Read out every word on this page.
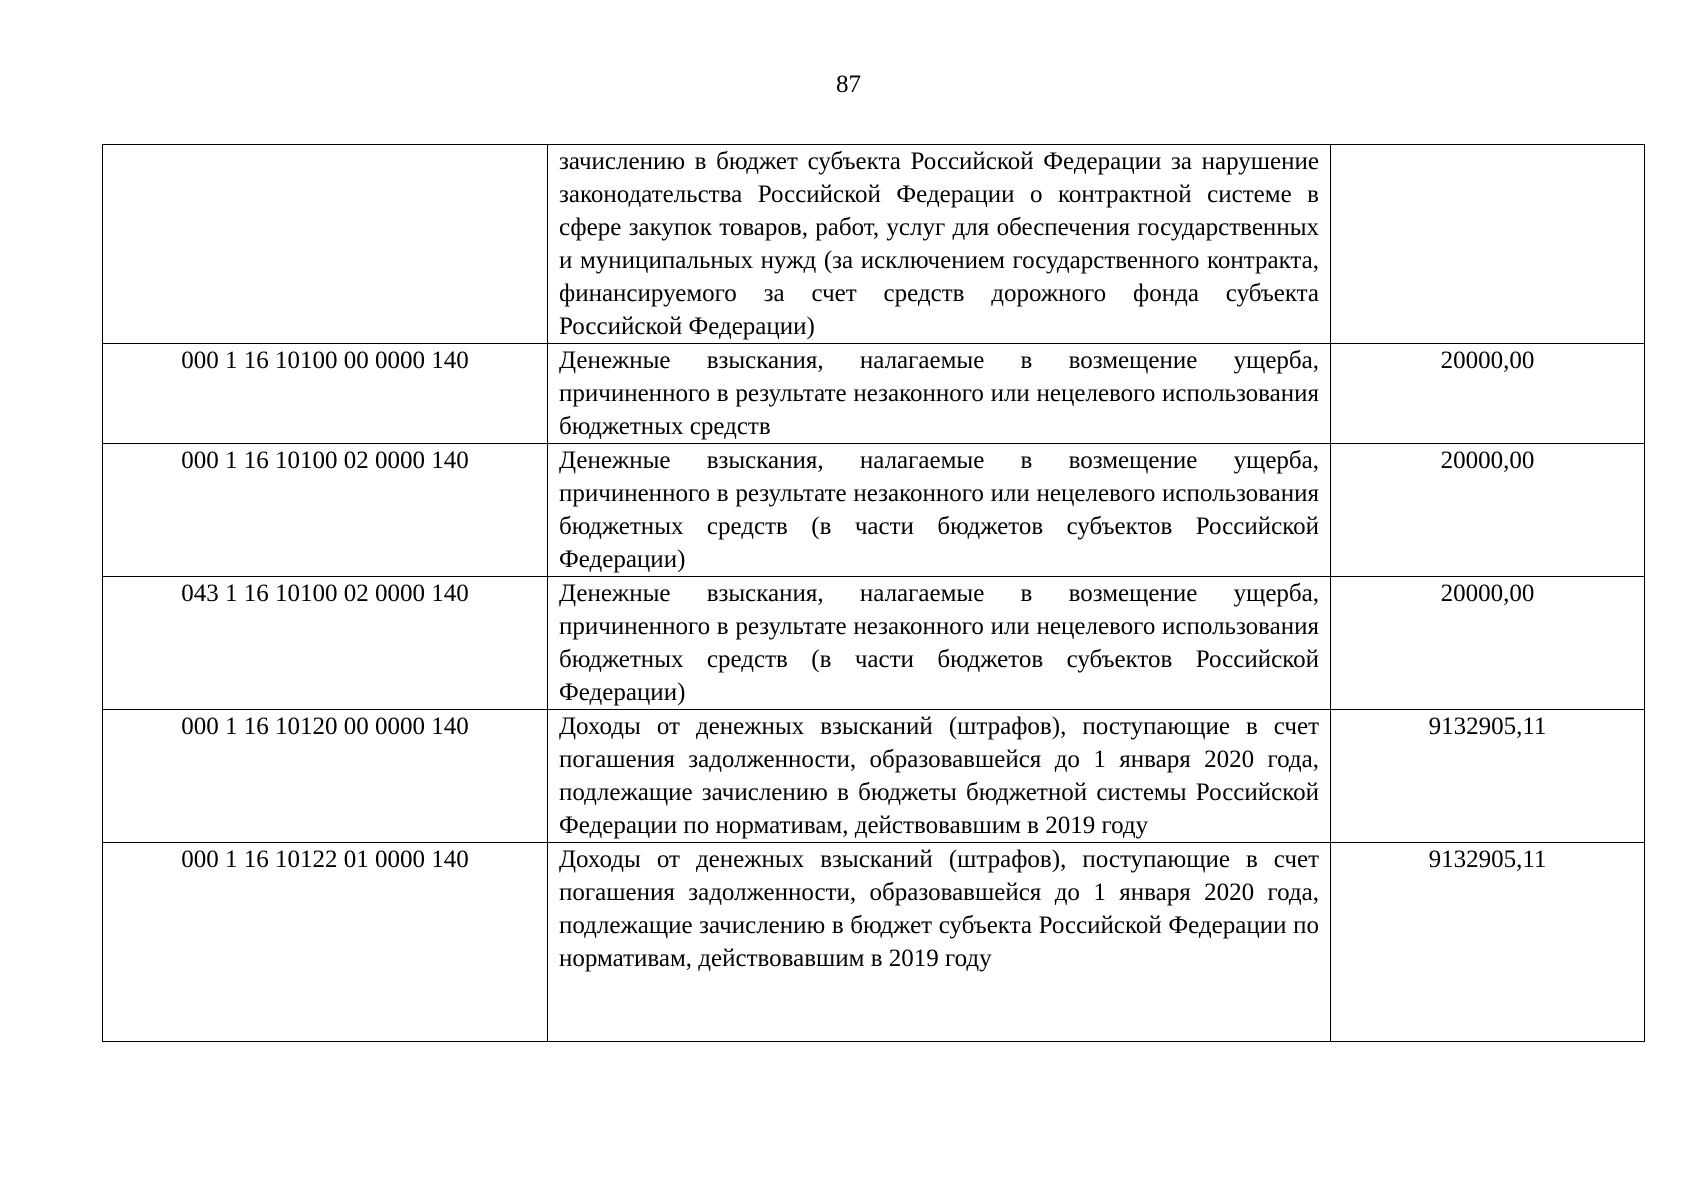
87

	зачислению в бюджет субъекта Российской Федерации за нарушение законодательства Российской Федерации о контрактной системе в сфере закупок товаров, работ, услуг для обеспечения государственных и муниципальных нужд (за исключением государственного контракта, финансируемого за счет средств дорожного фонда субъекта Российской Федерации)	

000 1 16 10100 00 0000 140	Денежные взыскания, налагаемые в возмещение ущерба, причиненного в результате незаконного или нецелевого использования бюджетных средств	20000,00
000 1 16 10100 02 0000 140	Денежные взыскания, налагаемые в возмещение ущерба, причиненного в результате незаконного или нецелевого использования бюджетных средств (в части бюджетов субъектов Российской Федерации)	20000,00
043 1 16 10100 02 0000 140	Денежные взыскания, налагаемые в возмещение ущерба, причиненного в результате незаконного или нецелевого использования бюджетных средств (в части бюджетов субъектов Российской Федерации)	20000,00
000 1 16 10120 00 0000 140	Доходы от денежных взысканий (штрафов), поступающие в счет погашения задолженности, образовавшейся до 1 января 2020 года, подлежащие зачислению в бюджеты бюджетной системы Российской Федерации по нормативам, действовавшим в 2019 году	9132905,11
000 1 16 10122 01 0000 140	Доходы от денежных взысканий (штрафов), поступающие в счет погашения задолженности, образовавшейся до 1 января 2020 года, подлежащие зачислению в бюджет субъекта Российской Федерации по нормативам, действовавшим в 2019 году	9132905,11
